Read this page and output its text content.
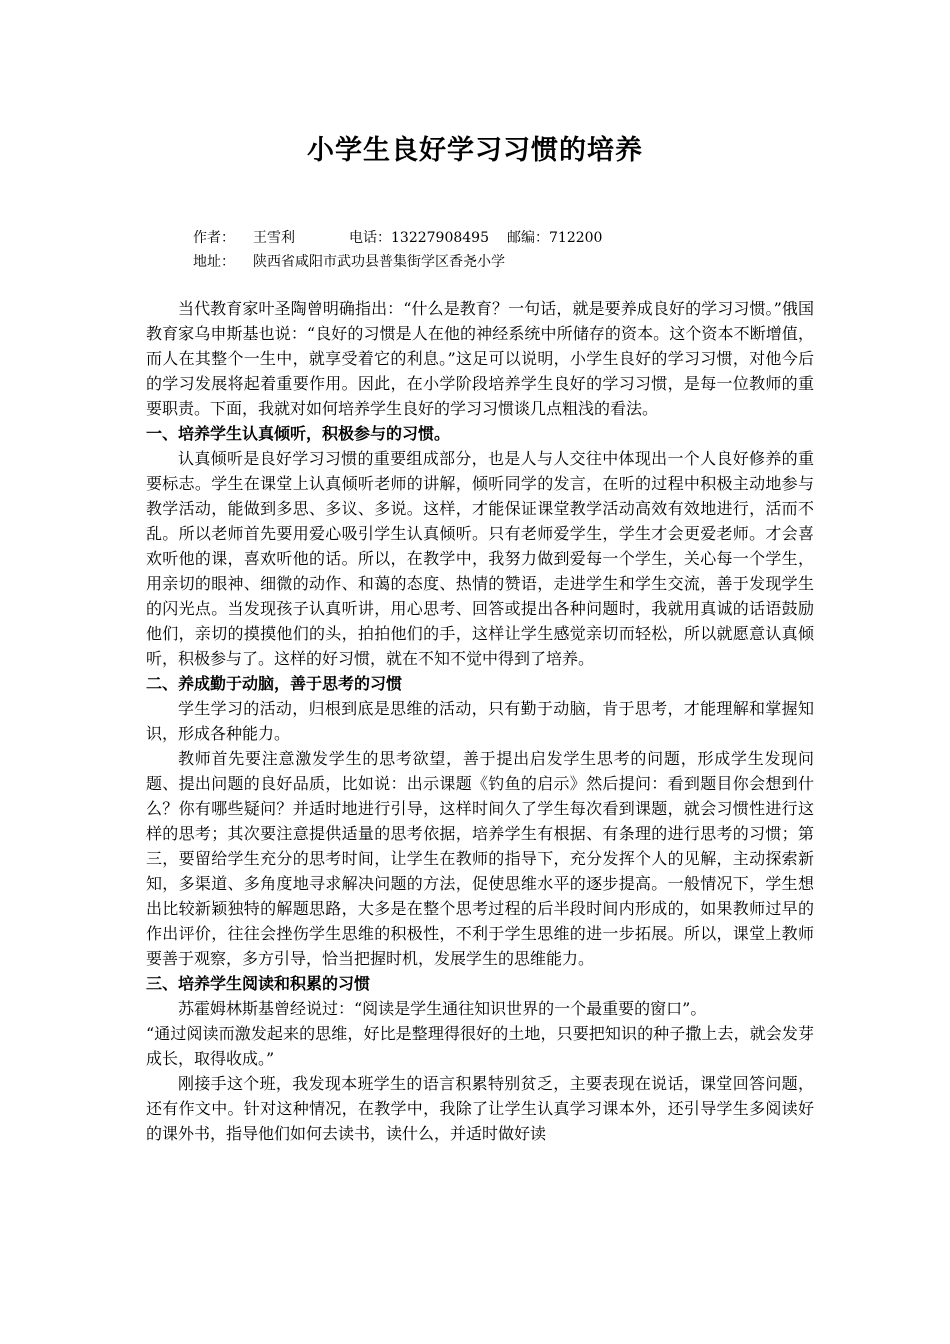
小学生良好学习习惯的培养
作者： 王雪利	电话：13227908495 邮编：712200
地址： 陕西省咸阳市武功县普集街学区香尧小学

当代教育家叶圣陶曾明确指出：“什么是教育？一句话，就是要养成良好的学习习惯。”俄国教育家乌申斯基也说：“良好的习惯是人在他的神经系统中所储存的资本。这个资本不断增值，而人在其整个一生中，就享受着它的利息。”这足可以说明，小学生良好的学习习惯，对他今后的学习发展将起着重要作用。因此，在小学阶段培养学生良好的学习习惯，是每一位教师的重要职责。下面，我就对如何培养学生良好的学习习惯谈几点粗浅的看法。

一、培养学生认真倾听，积极参与的习惯。

认真倾听是良好学习习惯的重要组成部分，也是人与人交往中体现出一个人良好修养的重要标志。学生在课堂上认真倾听老师的讲解，倾听同学的发言，在听的过程中积极主动地参与教学活动，能做到多思、多议、多说。这样，才能保证课堂教学活动高效有效地进行，活而不乱。所以老师首先要用爱心吸引学生认真倾听。只有老师爱学生，学生才会更爱老师。才会喜欢听他的课，喜欢听他的话。所以，在教学中，我努力做到爱每一个学生，关心每一个学生，用亲切的眼神、细微的动作、和蔼的态度、热情的赞语，走进学生和学生交流，善于发现学生的闪光点。当发现孩子认真听讲，用心思考、回答或提出各种问题时，我就用真诚的话语鼓励他们，亲切的摸摸他们的头，拍拍他们的手，这样让学生感觉亲切而轻松，所以就愿意认真倾听，积极参与了。这样的好习惯，就在不知不觉中得到了培养。

二、养成勤于动脑，善于思考的习惯

学生学习的活动，归根到底是思维的活动，只有勤于动脑，肯于思考，才能理解和掌握知识，形成各种能力。

教师首先要注意激发学生的思考欲望，善于提出启发学生思考的问题，形成学生发现问题、提出问题的良好品质，比如说：出示课题《钓鱼的启示》然后提问：看到题目你会想到什么？你有哪些疑问？并适时地进行引导，这样时间久了学生每次看到课题，就会习惯性进行这样的思考；其次要注意提供适量的思考依据，培养学生有根据、有条理的进行思考的习惯；第三，要留给学生充分的思考时间，让学生在教师的指导下，充分发挥个人的见解，主动探索新知，多渠道、多角度地寻求解决问题的方法，促使思维水平的逐步提高。一般情况下，学生想出比较新颖独特的解题思路，大多是在整个思考过程的后半段时间内形成的，如果教师过早的作出评价，往往会挫伤学生思维的积极性，不利于学生思维的进一步拓展。所以，课堂上教师要善于观察，多方引导，恰当把握时机，发展学生的思维能力。

三、培养学生阅读和积累的习惯

苏霍姆林斯基曾经说过：“阅读是学生通往知识世界的一个最重要的窗口”。

“通过阅读而激发起来的思维，好比是整理得很好的土地，只要把知识的种子撒上去，就会发芽成长，取得收成。”

刚接手这个班，我发现本班学生的语言积累特别贫乏，主要表现在说话，课堂回答问题，还有作文中。针对这种情况，在教学中，我除了让学生认真学习课本外，还引导学生多阅读好的课外书，指导他们如何去读书，读什么，并适时做好读
